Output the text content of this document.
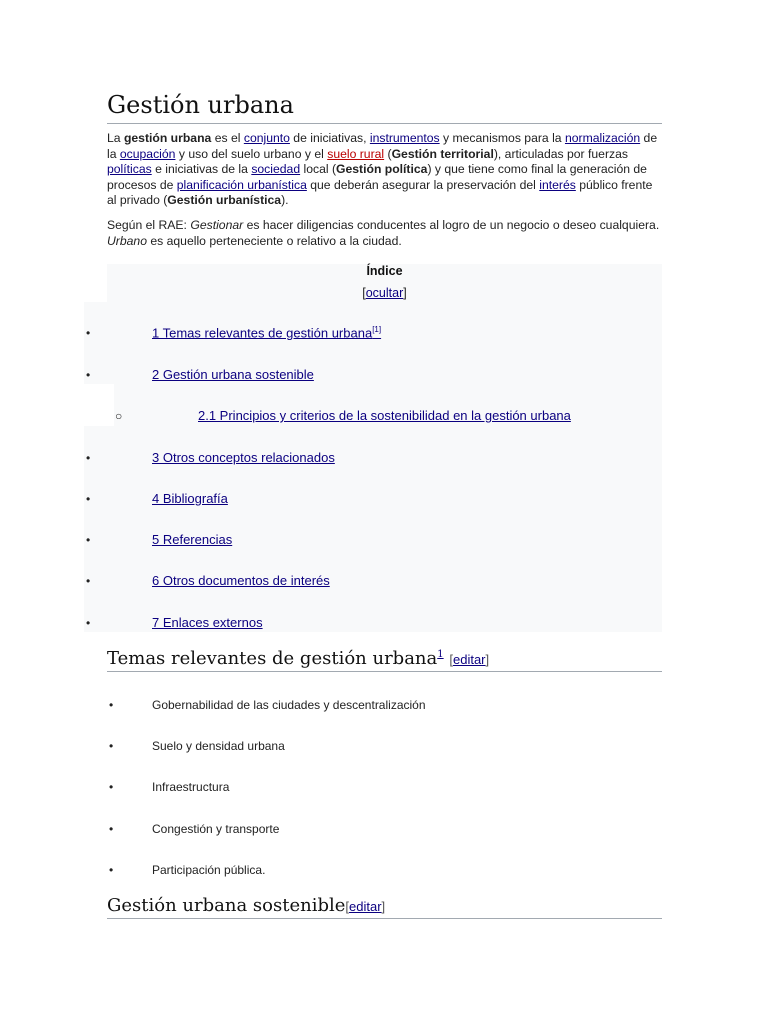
Gestión urbana
La gestión urbana es el conjunto de iniciativas, instrumentos y mecanismos para la normalización de la ocupación y uso del suelo urbano y el suelo rural (Gestión territorial), articuladas por fuerzas políticas e iniciativas de la sociedad local (Gestión política) y que tiene como final la generación de procesos de planificación urbanística que deberán asegurar la preservación del interés público frente al privado (Gestión urbanística).
Según el RAE: Gestionar es hacer diligencias conducentes al logro de un negocio o deseo cualquiera. Urbano es aquello perteneciente o relativo a la ciudad.
Índice
[ocultar]
•	1 Temas relevantes de gestión urbana[1]
•	2 Gestión urbana sostenible
○	2.1 Principios y criterios de la sostenibilidad en la gestión urbana
•	3 Otros conceptos relacionados
•	4 Bibliografía
•	5 Referencias
•	6 Otros documentos de interés
•	7 Enlaces externos
Temas relevantes de gestión urbana$^1$ [editar]
•	Gobernabilidad de las ciudades y descentralización
•	Suelo y densidad urbana
•	Infraestructura
•	Congestión y transporte
•	Participación pública.
Gestión urbana sostenible[editar]
